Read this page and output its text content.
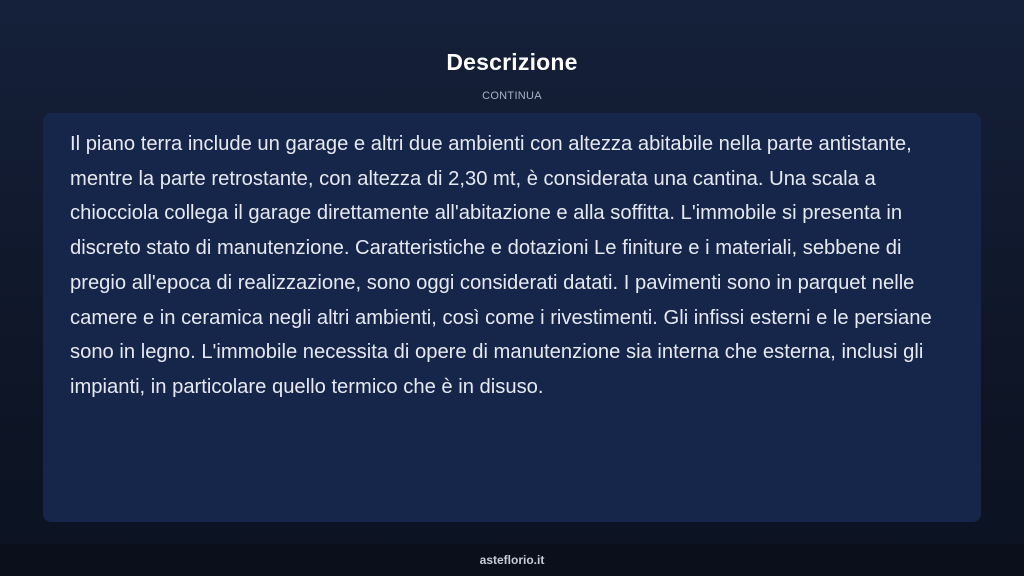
Descrizione
CONTINUA

Il piano terra include un garage e altri due ambienti con altezza abitabile nella parte antistante, mentre la parte retrostante, con altezza di 2,30 mt, è considerata una cantina. Una scala a chiocciola collega il garage direttamente all'abitazione e alla soffitta. L'immobile si presenta in discreto stato di manutenzione. Caratteristiche e dotazioni Le finiture e i materiali, sebbene di pregio all'epoca di realizzazione, sono oggi considerati datati. I pavimenti sono in parquet nelle camere e in ceramica negli altri ambienti, così come i rivestimenti. Gli infissi esterni e le persiane sono in legno. L'immobile necessita di opere di manutenzione sia interna che esterna, inclusi gli impianti, in particolare quello termico che è in disuso.

asteflorio.it
